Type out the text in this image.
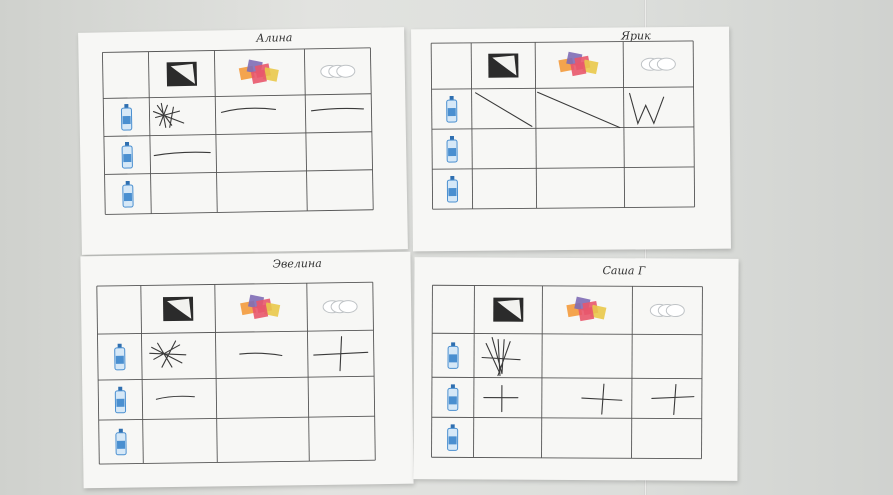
Алина	Ярик
Эвелина
Саша Г
